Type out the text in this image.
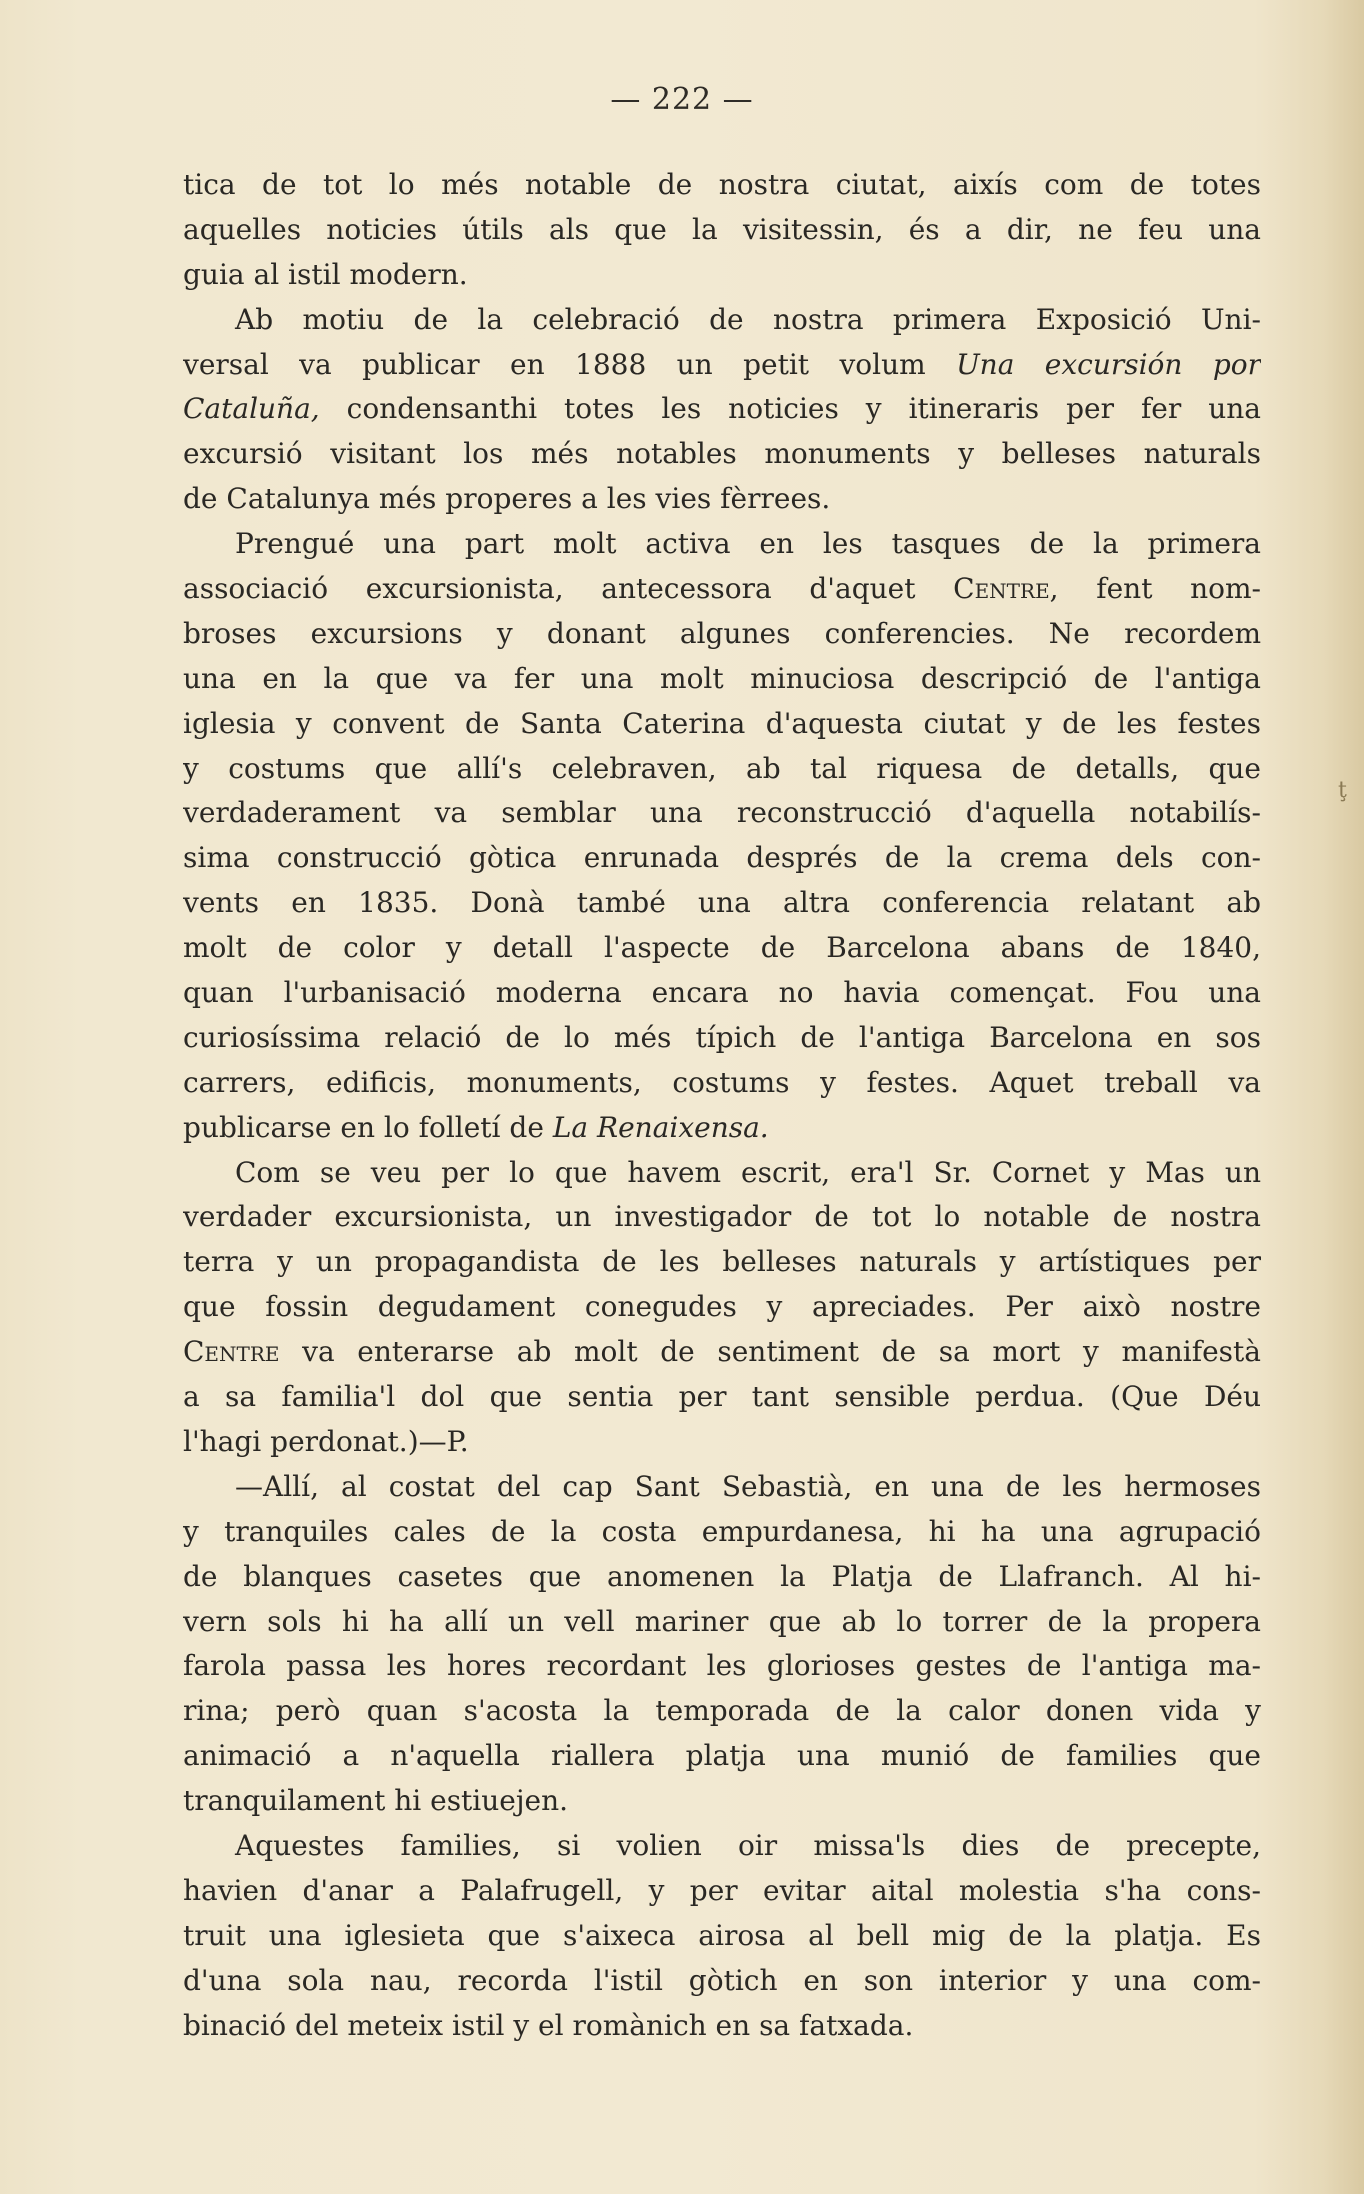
— 222 —
ţ
tica de tot lo més notable de nostra ciutat, aixís com de totes
aquelles noticies útils als que la visitessin, és a dir, ne feu una
guia al istil modern.
Ab motiu de la celebració de nostra primera Exposició Uni-
versal va publicar en 1888 un petit volum Una excursión por
Cataluña, condensanthi totes les noticies y itineraris per fer una
excursió visitant los més notables monuments y belleses naturals
de Catalunya més properes a les vies fèrrees.
Prengué una part molt activa en les tasques de la primera
associació excursionista, antecessora d'aquet Centre, fent nom-
broses excursions y donant algunes conferencies. Ne recordem
una en la que va fer una molt minuciosa descripció de l'antiga
iglesia y convent de Santa Caterina d'aquesta ciutat y de les festes
y costums que allí's celebraven, ab tal riquesa de detalls, que
verdaderament va semblar una reconstrucció d'aquella notabilís-
sima construcció gòtica enrunada després de la crema dels con-
vents en 1835. Donà també una altra conferencia relatant ab
molt de color y detall l'aspecte de Barcelona abans de 1840,
quan l'urbanisació moderna encara no havia començat. Fou una
curiosíssima relació de lo més típich de l'antiga Barcelona en sos
carrers, edificis, monuments, costums y festes. Aquet treball va
publicarse en lo folletí de La Renaixensa.
Com se veu per lo que havem escrit, era'l Sr. Cornet y Mas un
verdader excursionista, un investigador de tot lo notable de nostra
terra y un propagandista de les belleses naturals y artístiques per
que fossin degudament conegudes y apreciades. Per això nostre
Centre va enterarse ab molt de sentiment de sa mort y manifestà
a sa familia'l dol que sentia per tant sensible perdua. (Que Déu
l'hagi perdonat.)—P.
—Allí, al costat del cap Sant Sebastià, en una de les hermoses
y tranquiles cales de la costa empurdanesa, hi ha una agrupació
de blanques casetes que anomenen la Platja de Llafranch. Al hi-
vern sols hi ha allí un vell mariner que ab lo torrer de la propera
farola passa les hores recordant les glorioses gestes de l'antiga ma-
rina; però quan s'acosta la temporada de la calor donen vida y
animació a n'aquella riallera platja una munió de families que
tranquilament hi estiuejen.
Aquestes families, si volien oir missa'ls dies de precepte,
havien d'anar a Palafrugell, y per evitar aital molestia s'ha cons-
truit una iglesieta que s'aixeca airosa al bell mig de la platja. Es
d'una sola nau, recorda l'istil gòtich en son interior y una com-
binació del meteix istil y el romànich en sa fatxada.
